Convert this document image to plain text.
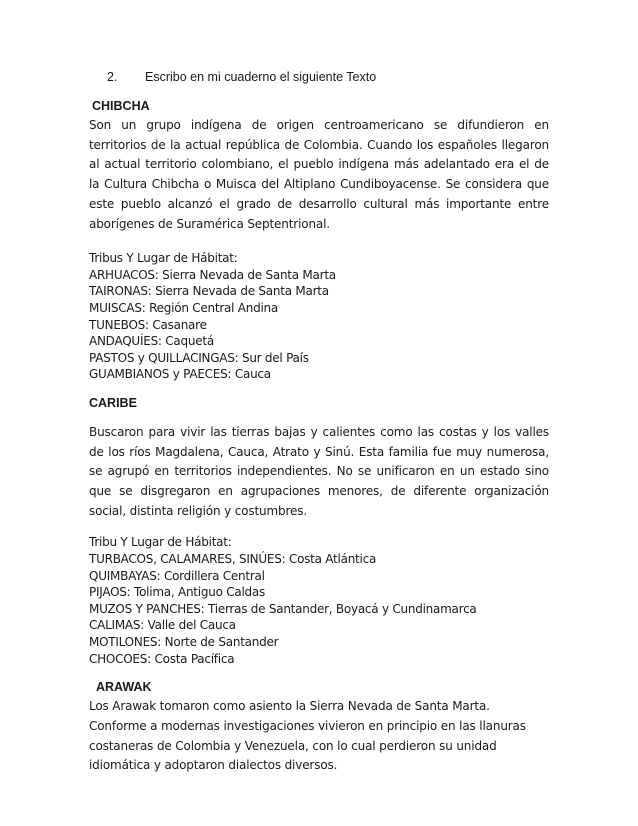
2.	Escribo en mi cuaderno el siguiente Texto
CHIBCHA
Son un grupo indígena de origen centroamericano se difundieron en territorios de la actual república de Colombia. Cuando los españoles llegaron al actual territorio colombiano, el pueblo indígena más adelantado era el de la Cultura Chibcha o Muisca del Altiplano Cundiboyacense. Se considera que este pueblo alcanzó el grado de desarrollo cultural más importante entre aborígenes de Suramérica Septentrional.
Tribus Y Lugar de Hábitat:
ARHUACOS: Sierra Nevada de Santa Marta
TAIRONAS: Sierra Nevada de Santa Marta
MUISCAS: Región Central Andina
TUNEBOS: Casanare
ANDAQUÍES: Caquetá
PASTOS y QUILLACINGAS: Sur del País
GUAMBIANOS y PAECES: Cauca
CARIBE
Buscaron para vivir las tierras bajas y calientes como las costas y los valles de los ríos Magdalena, Cauca, Atrato y Sinú. Esta familia fue muy numerosa, se agrupó en territorios independientes. No se unificaron en un estado sino que se disgregaron en agrupaciones menores, de diferente organización social, distinta religión y costumbres.
Tribu Y Lugar de Hábitat:
TURBACOS, CALAMARES, SINÚES: Costa Atlántica
QUIMBAYAS: Cordillera Central
PIJAOS: Tolima, Antiguo Caldas
MUZOS Y PANCHES: Tierras de Santander, Boyacá y Cundinamarca
CALIMAS: Valle del Cauca
MOTILONES: Norte de Santander
CHOCOES: Costa Pacífica
ARAWAK
Los Arawak tomaron como asiento la Sierra Nevada de Santa Marta. Conforme a modernas investigaciones vivieron en principio en las llanuras costaneras de Colombia y Venezuela, con lo cual perdieron su unidad idiomática y adoptaron dialectos diversos.
